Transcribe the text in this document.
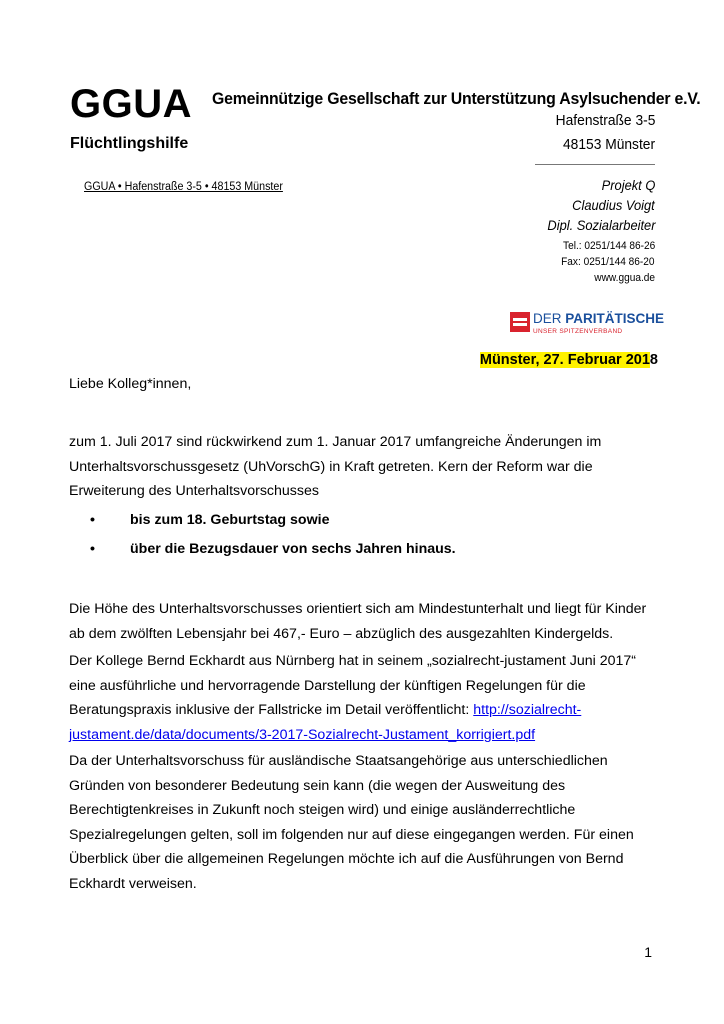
GGUA Gemeinnützige Gesellschaft zur Unterstützung Asylsuchender e.V.
Flüchtlingshilfe
Hafenstraße 3-5
48153 Münster
GGUA • Hafenstraße 3-5 • 48153 Münster	Projekt Q
Claudius Voigt
Dipl. Sozialarbeiter
Tel.: 0251/144 86-26
Fax: 0251/144 86-20
www.ggua.de
DER PARITÄTISCHE
UNSER SPITZENVERBAND
Münster, 27. Februar 2018
Liebe Kolleg*innen,

zum 1. Juli 2017 sind rückwirkend zum 1. Januar 2017 umfangreiche Änderungen im Unterhaltsvorschussgesetz (UhVorschG) in Kraft getreten. Kern der Reform war die Erweiterung des Unterhaltsvorschusses

• bis zum 18. Geburtstag sowie
• über die Bezugsdauer von sechs Jahren hinaus.

Die Höhe des Unterhaltsvorschusses orientiert sich am Mindestunterhalt und liegt für Kinder ab dem zwölften Lebensjahr bei 467,- Euro – abzüglich des ausgezahlten Kindergelds.

Der Kollege Bernd Eckhardt aus Nürnberg hat in seinem „sozialrecht-justament Juni 2017“ eine ausführliche und hervorragende Darstellung der künftigen Regelungen für die Beratungspraxis inklusive der Fallstricke im Detail veröffentlicht: http://sozialrecht-justament.de/data/documents/3-2017-Sozialrecht-Justament_korrigiert.pdf

Da der Unterhaltsvorschuss für ausländische Staatsangehörige aus unterschiedlichen Gründen von besonderer Bedeutung sein kann (die wegen der Ausweitung des Berechtigtenkreises in Zukunft noch steigen wird) und einige ausländerrechtliche Spezialregelungen gelten, soll im folgenden nur auf diese eingegangen werden. Für einen Überblick über die allgemeinen Regelungen möchte ich auf die Ausführungen von Bernd Eckhardt verweisen.

1
